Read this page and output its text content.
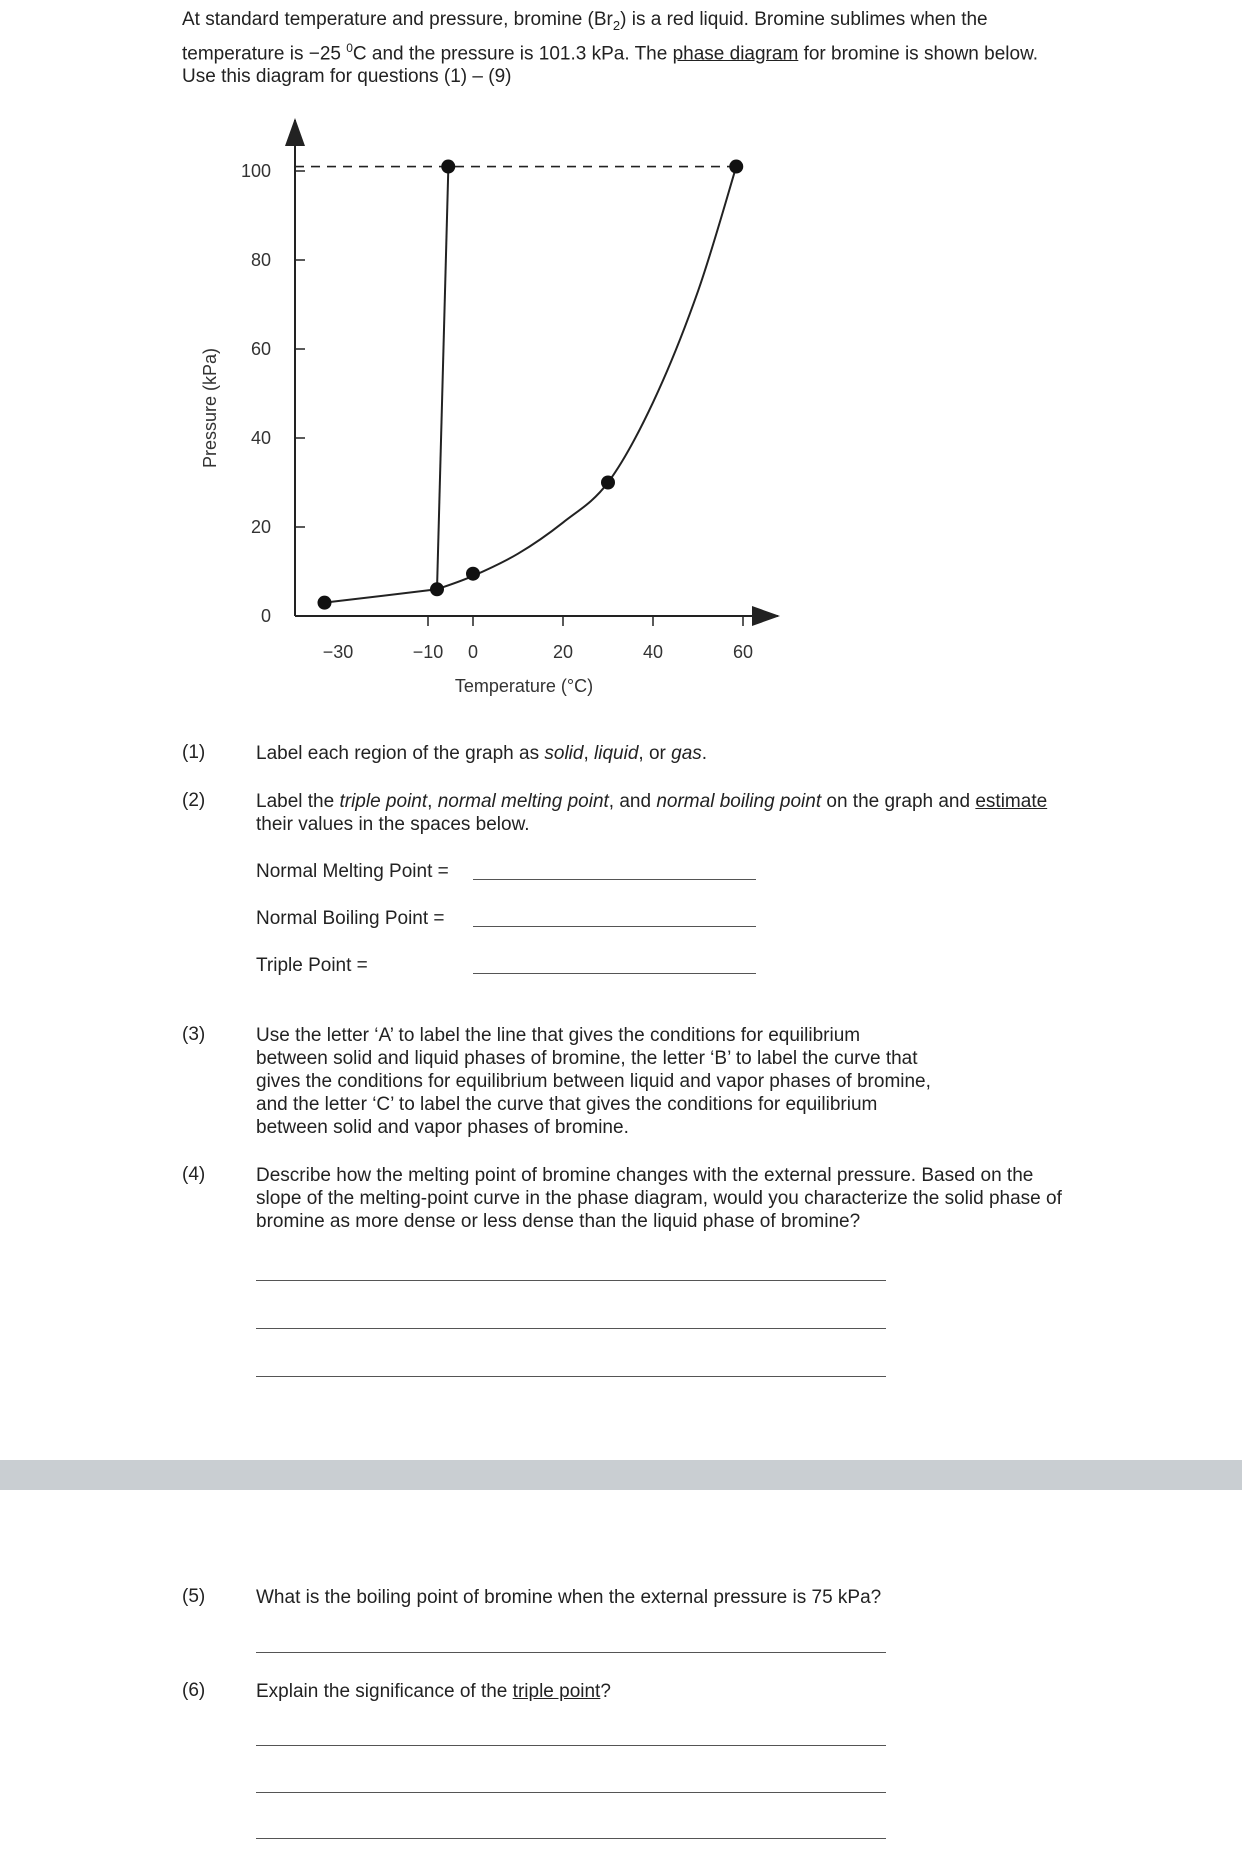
At standard temperature and pressure, bromine $(Br_2)$ is a red liquid. Bromine sublimes when the temperature is −25 $^0$C and the pressure is 101.3 kPa. The phase diagram for bromine is shown below. Use this diagram for questions (1) – (9)
0
20
40
60
80
100
−30	−10 0	20	40	60
Temperature (°C)
Pressure (kPa)
(1)	Label each region of the graph as solid, liquid, or gas.
(2)	Label the triple point, normal melting point, and normal boiling point on the graph and estimate their values in the spaces below.
Normal Melting Point =
Normal Boiling Point =
Triple Point =
(3)	Use the letter ‘A’ to label the line that gives the conditions for equilibrium between solid and liquid phases of bromine, the letter ‘B’ to label the curve that gives the conditions for equilibrium between liquid and vapor phases of bromine, and the letter ‘C’ to label the curve that gives the conditions for equilibrium between solid and vapor phases of bromine.
(4)	Describe how the melting point of bromine changes with the external pressure. Based on the slope of the melting-point curve in the phase diagram, would you characterize the solid phase of bromine as more dense or less dense than the liquid phase of bromine?
(5)	What is the boiling point of bromine when the external pressure is 75 kPa?
(6)	Explain the significance of the triple point?
